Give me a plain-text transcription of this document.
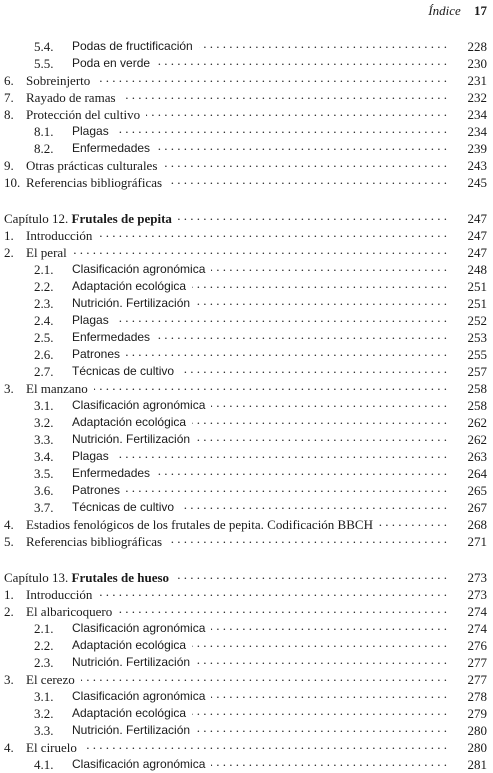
Índice 17
5.4. Podas de fructificación . . .	228
5.5. Poda en verde . . .	230
6. Sobreinjerto . . .	231
7. Rayado de ramas . . .	232
8. Protección del cultivo . . .	234
8.1. Plagas . . .	234
8.2. Enfermedades . . .	239
9. Otras prácticas culturales . . .	243
10. Referencias bibliográficas . . .	245
Capítulo 12. Frutales de pepita . . .	247
1. Introducción . . .	247
2. El peral . . .	247
2.1. Clasificación agronómica . . .	248
2.2. Adaptación ecológica . . .	251
2.3. Nutrición. Fertilización . . .	251
2.4. Plagas . . .	252
2.5. Enfermedades . . .	253
2.6. Patrones . . .	255
2.7. Técnicas de cultivo . . .	257
3. El manzano . . .	258
3.1. Clasificación agronómica . . .	258
3.2. Adaptación ecológica . . .	262
3.3. Nutrición. Fertilización . . .	262
3.4. Plagas . . .	263
3.5. Enfermedades . . .	264
3.6. Patrones . . .	265
3.7. Técnicas de cultivo . . .	267
4. Estadios fenológicos de los frutales de pepita. Codificación BBCH . . .	268
5. Referencias bibliográficas . . .	271
Capítulo 13. Frutales de hueso . . .	273
1. Introducción . . .	273
2. El albaricoquero . . .	274
2.1. Clasificación agronómica . . .	274
2.2. Adaptación ecológica . . .	276
2.3. Nutrición. Fertilización . . .	277
3. El cerezo . . .	277
3.1. Clasificación agronómica . . .	278
3.2. Adaptación ecológica . . .	279
3.3. Nutrición. Fertilización . . .	280
4. El ciruelo . . .	280
4.1. Clasificación agronómica . . .	281
